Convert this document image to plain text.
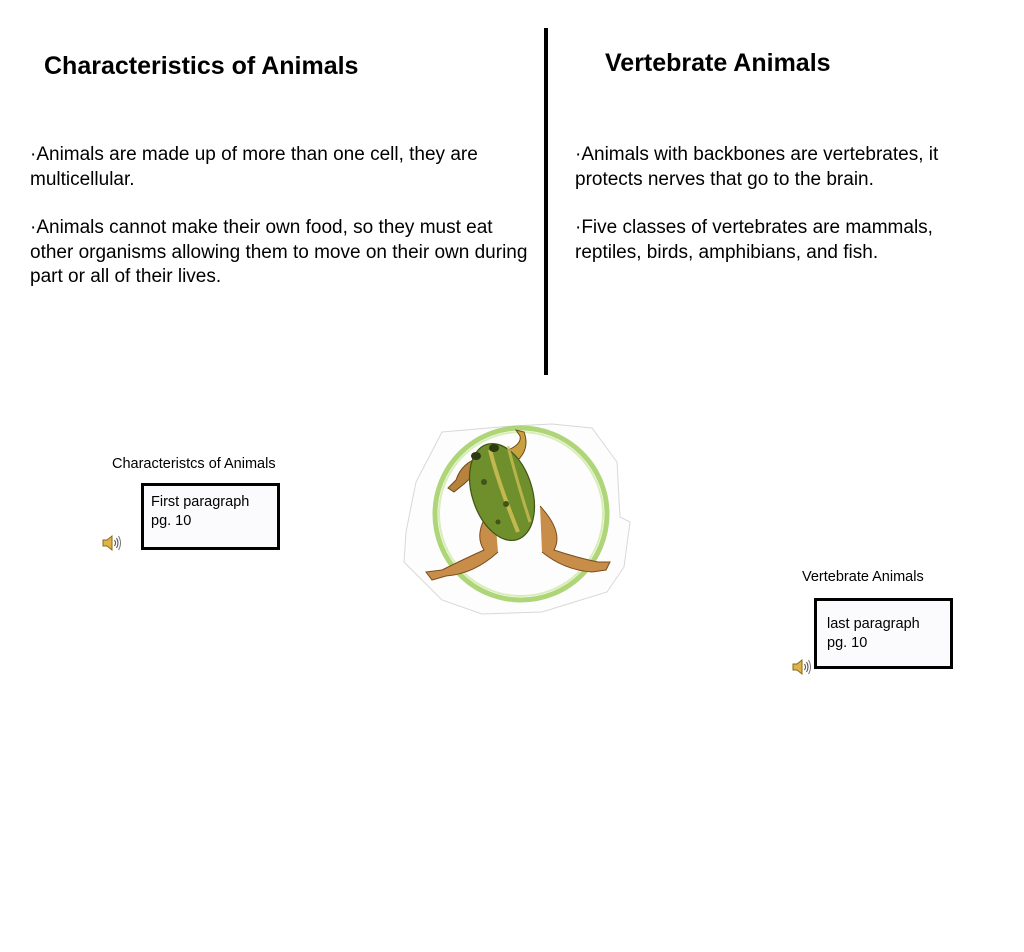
Characteristics of Animals

·Animals are made up of more than one cell, they are multicellular.

·Animals cannot make their own food, so they must eat other organisms allowing them to move on their own during part or all of their lives.

Vertebrate Animals

·Animals with backbones are vertebrates, it protects nerves that go to the brain.

·Five classes of vertebrates are mammals, reptiles, birds, amphibians, and fish.

Characteristcs of Animals
First paragraph
pg. 10
Vertebrate Animals
last paragraph
pg. 10
